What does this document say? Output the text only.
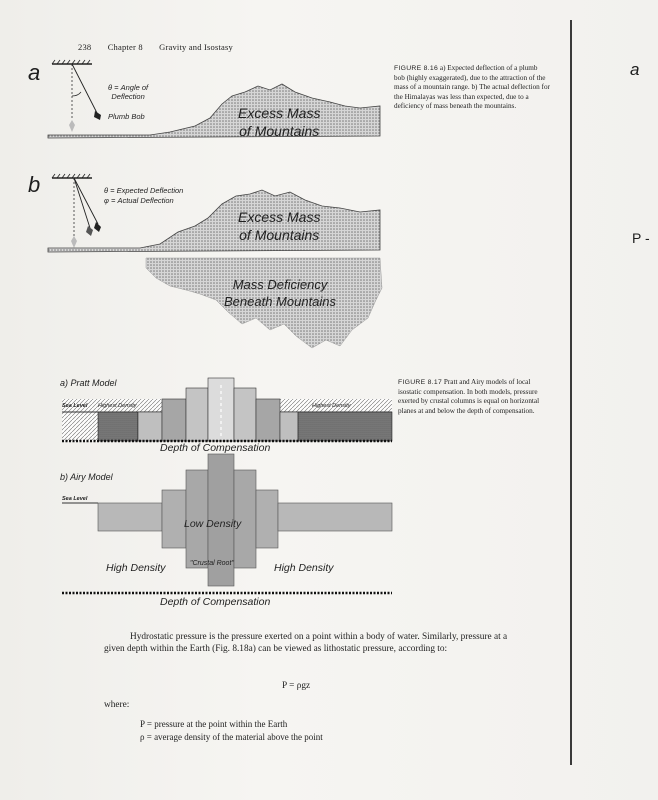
238 Chapter 8 Gravity and Isostasy
a
b
θ = Angle of
Deflection
Plumb Bob	Excess Mass
of Mountains
θ = Expected Deflection
φ = Actual Deflection
Excess Mass
of Mountains
Mass Deficiency
Beneath Mountains
FIGURE 8.16 a) Expected deflection of a plumb bob (highly exaggerated), due to the attraction of the mass of a mountain range. b) The actual deflection for the Himalayas was less than expected, due to a deficiency of mass beneath the mountains.
a) Pratt Model
Sea Level Highest Density	Highest Density
Depth of Compensation
b) Airy Model
Sea Level
Low Density
"Crustal Root"
High Density	High Density
Depth of Compensation
FIGURE 8.17 Pratt and Airy models of local isostatic compensation. In both models, pressure exerted by crustal columns is equal on horizontal planes at and below the depth of compensation.
Hydrostatic pressure is the pressure exerted on a point within a body of water. Similarly, pressure at a given depth within the Earth (Fig. 8.18a) can be viewed as lithostatic pressure, according to:
P = ρgz
where:
P = pressure at the point within the Earth
ρ = average density of the material above the point
a
P -
